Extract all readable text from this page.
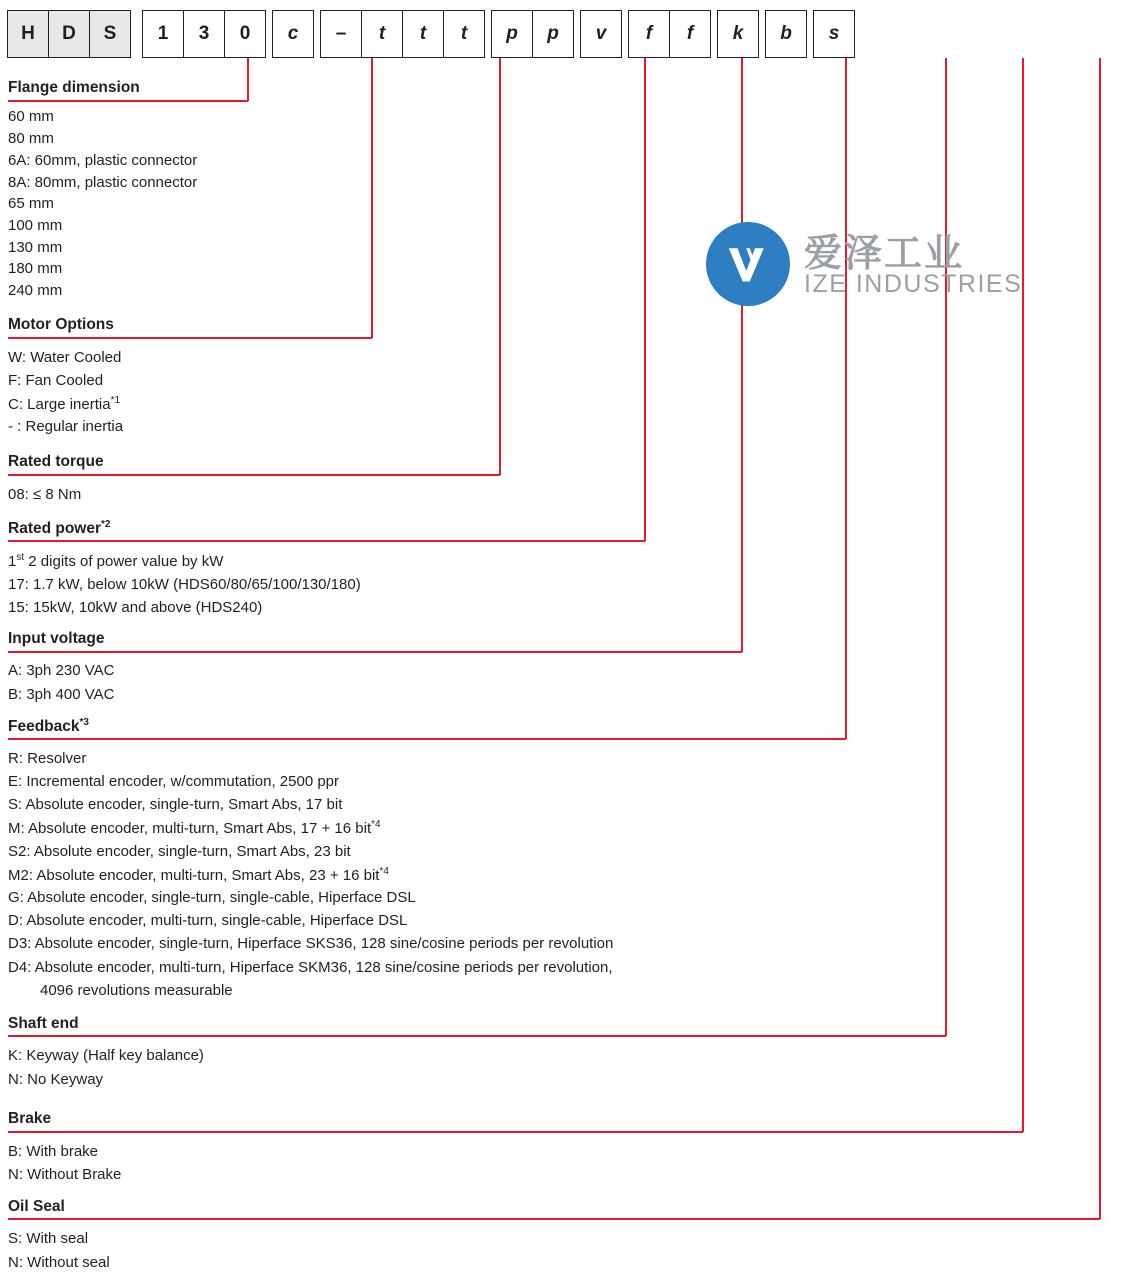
H	D	S	1	3	0	c	–	t	t	t	p	p	v	f	f	k	b	s
Flange dimension
60 mm
80 mm
6A: 60mm, plastic connector
8A: 80mm, plastic connector
65 mm
100 mm
130 mm
180 mm
240 mm
Motor Options
W: Water Cooled
F: Fan Cooled
C: Large inertia$^{*1}$
- : Regular inertia
Rated torque
08: ≤ 8 Nm
Rated power$^{*2}$
1st 2 digits of power value by kW
17: 1.7 kW, below 10kW (HDS60/80/65/100/130/180)
15: 15kW, 10kW and above (HDS240)
Input voltage
A: 3ph 230 VAC
B: 3ph 400 VAC
Feedback$^{*3}$
R: Resolver
E: Incremental encoder, w/commutation, 2500 ppr
S: Absolute encoder, single-turn, Smart Abs, 17 bit
M: Absolute encoder, multi-turn, Smart Abs, 17 + 16 bit$^{*4}$
S2: Absolute encoder, single-turn, Smart Abs, 23 bit
M2: Absolute encoder, multi-turn, Smart Abs, 23 + 16 bit$^{*4}$
G: Absolute encoder, single-turn, single-cable, Hiperface DSL
D: Absolute encoder, multi-turn, single-cable, Hiperface DSL
D3: Absolute encoder, single-turn, Hiperface SKS36, 128 sine/cosine periods per revolution
D4: Absolute encoder, multi-turn, Hiperface SKM36, 128 sine/cosine periods per revolution,
4096 revolutions measurable
Shaft end
K: Keyway (Half key balance)
N: No Keyway
Brake
B: With brake
N: Without Brake
Oil Seal
S: With seal
N: Without seal
爱泽工业
IZE INDUSTRIES
